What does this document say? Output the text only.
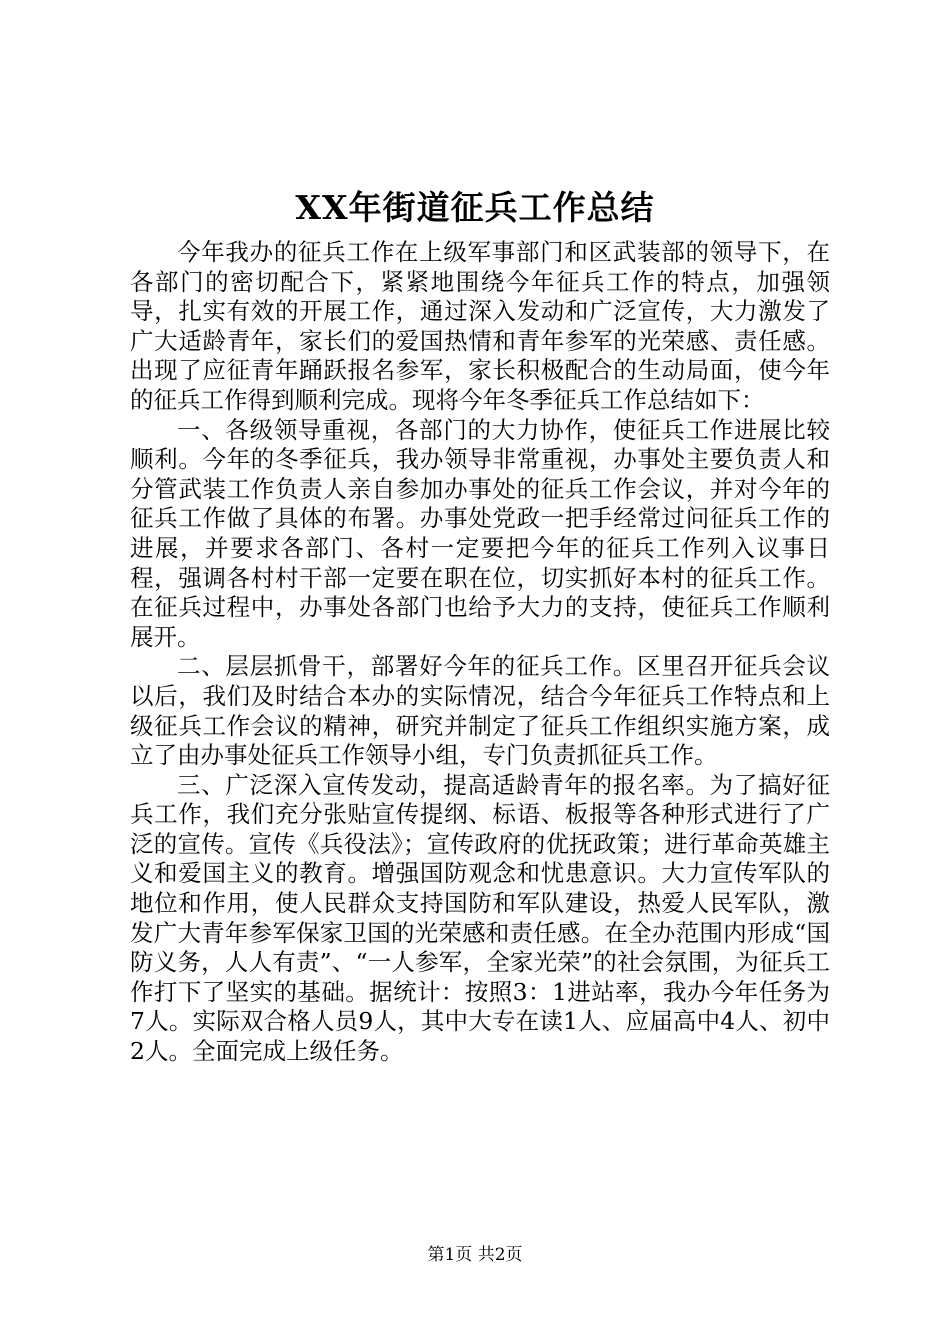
XX年街道征兵工作总结

今年我办的征兵工作在上级军事部门和区武装部的领导下，在各部门的密切配合下，紧紧地围绕今年征兵工作的特点，加强领导，扎实有效的开展工作，通过深入发动和广泛宣传，大力激发了广大适龄青年，家长们的爱国热情和青年参军的光荣感、责任感。出现了应征青年踊跃报名参军，家长积极配合的生动局面，使今年的征兵工作得到顺利完成。现将今年冬季征兵工作总结如下：

一、各级领导重视，各部门的大力协作，使征兵工作进展比较顺利。今年的冬季征兵，我办领导非常重视，办事处主要负责人和分管武装工作负责人亲自参加办事处的征兵工作会议，并对今年的征兵工作做了具体的布署。办事处党政一把手经常过问征兵工作的进展，并要求各部门、各村一定要把今年的征兵工作列入议事日程，强调各村村干部一定要在职在位，切实抓好本村的征兵工作。在征兵过程中，办事处各部门也给予大力的支持，使征兵工作顺利展开。

二、层层抓骨干，部署好今年的征兵工作。区里召开征兵会议以后，我们及时结合本办的实际情况，结合今年征兵工作特点和上级征兵工作会议的精神，研究并制定了征兵工作组织实施方案，成立了由办事处征兵工作领导小组，专门负责抓征兵工作。

三、广泛深入宣传发动，提高适龄青年的报名率。为了搞好征兵工作，我们充分张贴宣传提纲、标语、板报等各种形式进行了广泛的宣传。宣传《兵役法》；宣传政府的优抚政策；进行革命英雄主义和爱国主义的教育。增强国防观念和忧患意识。大力宣传军队的地位和作用，使人民群众支持国防和军队建设，热爱人民军队，激发广大青年参军保家卫国的光荣感和责任感。在全办范围内形成“国防义务，人人有责”、“一人参军，全家光荣”的社会氛围，为征兵工作打下了坚实的基础。据统计：按照3：1进站率，我办今年任务为7人。实际双合格人员9人，其中大专在读1人、应届高中4人、初中2人。全面完成上级任务。

第1页 共2页
